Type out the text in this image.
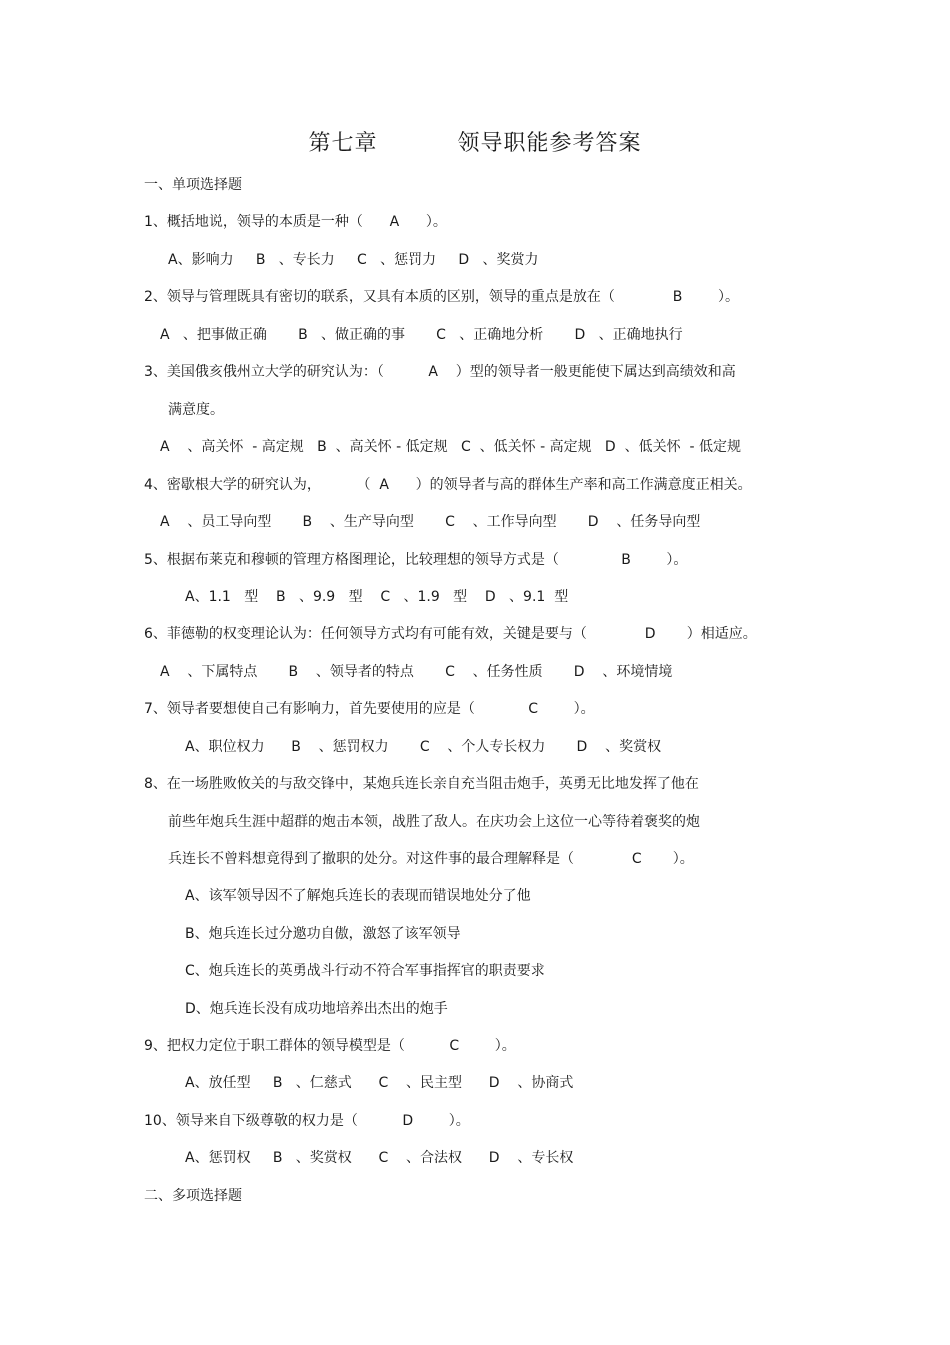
第七章          领导职能参考答案
一、单项选择题
1、概括地说，领导的本质是一种（      A      ）。
A、影响力     B   、专长力     C   、惩罚力     D   、奖赏力
2、领导与管理既具有密切的联系，又具有本质的区别，领导的重点是放在（             B        ）。
A   、把事做正确       B   、做正确的事       C   、正确地分析       D   、正确地执行
3、美国俄亥俄州立大学的研究认为：（          A    ）型的领导者一般更能使下属达到高绩效和高
满意度。
A    、高关怀  - 高定规   B  、高关怀 - 低定规   C  、低关怀 - 高定规   D  、低关怀  - 低定规
4、密歇根大学的研究认为，        （  A      ）的领导者与高的群体生产率和高工作满意度正相关。
A    、员工导向型       B    、生产导向型       C    、工作导向型       D    、任务导向型
5、根据布莱克和穆顿的管理方格图理论，比较理想的领导方式是（              B        ）。
A、1.1   型    B   、9.9   型    C   、1.9   型    D   、9.1  型
6、菲德勒的权变理论认为：任何领导方式均有可能有效，关键是要与（             D       ）相适应。
A    、下属特点       B    、领导者的特点       C    、任务性质       D    、环境情境
7、领导者要想使自己有影响力，首先要使用的应是（            C        ）。
A、职位权力      B    、惩罚权力       C    、个人专长权力       D    、奖赏权
8、在一场胜败攸关的与敌交锋中，某炮兵连长亲自充当阻击炮手，英勇无比地发挥了他在
前些年炮兵生涯中超群的炮击本领，战胜了敌人。在庆功会上这位一心等待着褒奖的炮
兵连长不曾料想竟得到了撤职的处分。对这件事的最合理解释是（             C       ）。
A、该军领导因不了解炮兵连长的表现而错误地处分了他
B、炮兵连长过分邀功自傲，激怒了该军领导
C、炮兵连长的英勇战斗行动不符合军事指挥官的职责要求
D、炮兵连长没有成功地培养出杰出的炮手
9、把权力定位于职工群体的领导模型是（          C        ）。
A、放任型     B   、仁慈式      C    、民主型      D    、协商式
10、领导来自下级尊敬的权力是（          D        ）。
A、惩罚权     B   、奖赏权      C    、合法权      D    、专长权
二、多项选择题
